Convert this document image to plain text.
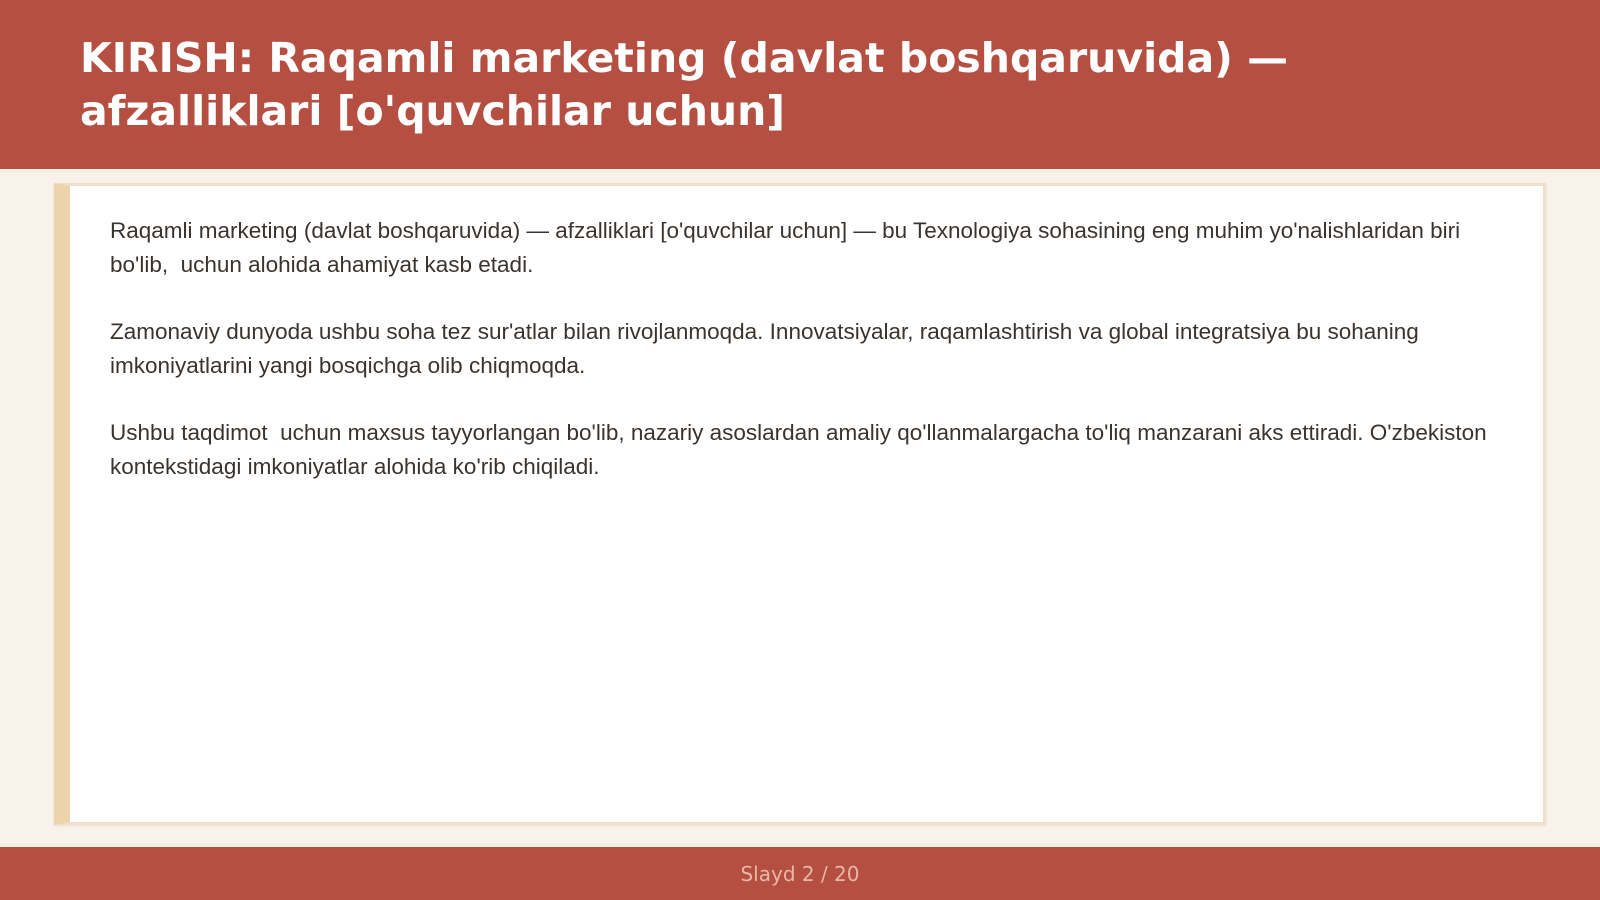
KIRISH: Raqamli marketing (davlat boshqaruvida) — afzalliklari [o'quvchilar uchun]

Raqamli marketing (davlat boshqaruvida) — afzalliklari [o'quvchilar uchun] — bu Texnologiya sohasining eng muhim yo'nalishlaridan biri bo'lib,  uchun alohida ahamiyat kasb etadi.

Zamonaviy dunyoda ushbu soha tez sur'atlar bilan rivojlanmoqda. Innovatsiyalar, raqamlashtirish va global integratsiya bu sohaning imkoniyatlarini yangi bosqichga olib chiqmoqda.

Ushbu taqdimot  uchun maxsus tayyorlangan bo'lib, nazariy asoslardan amaliy qo'llanmalargacha to'liq manzarani aks ettiradi. O'zbekiston kontekstidagi imkoniyatlar alohida ko'rib chiqiladi.

Slayd 2 / 20
